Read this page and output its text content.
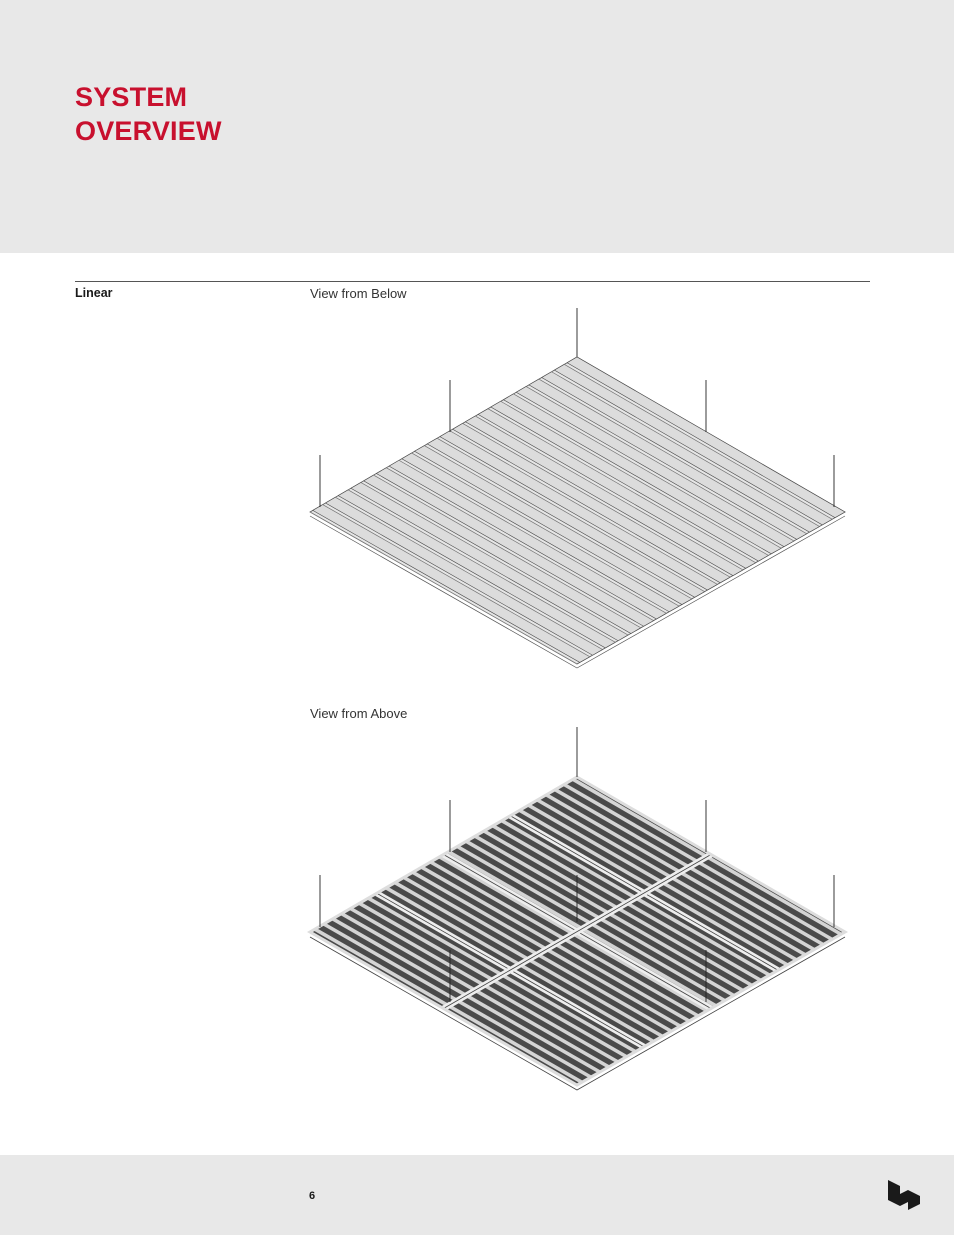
SYSTEM
OVERVIEW
Linear	View from Below
View from Above
6
